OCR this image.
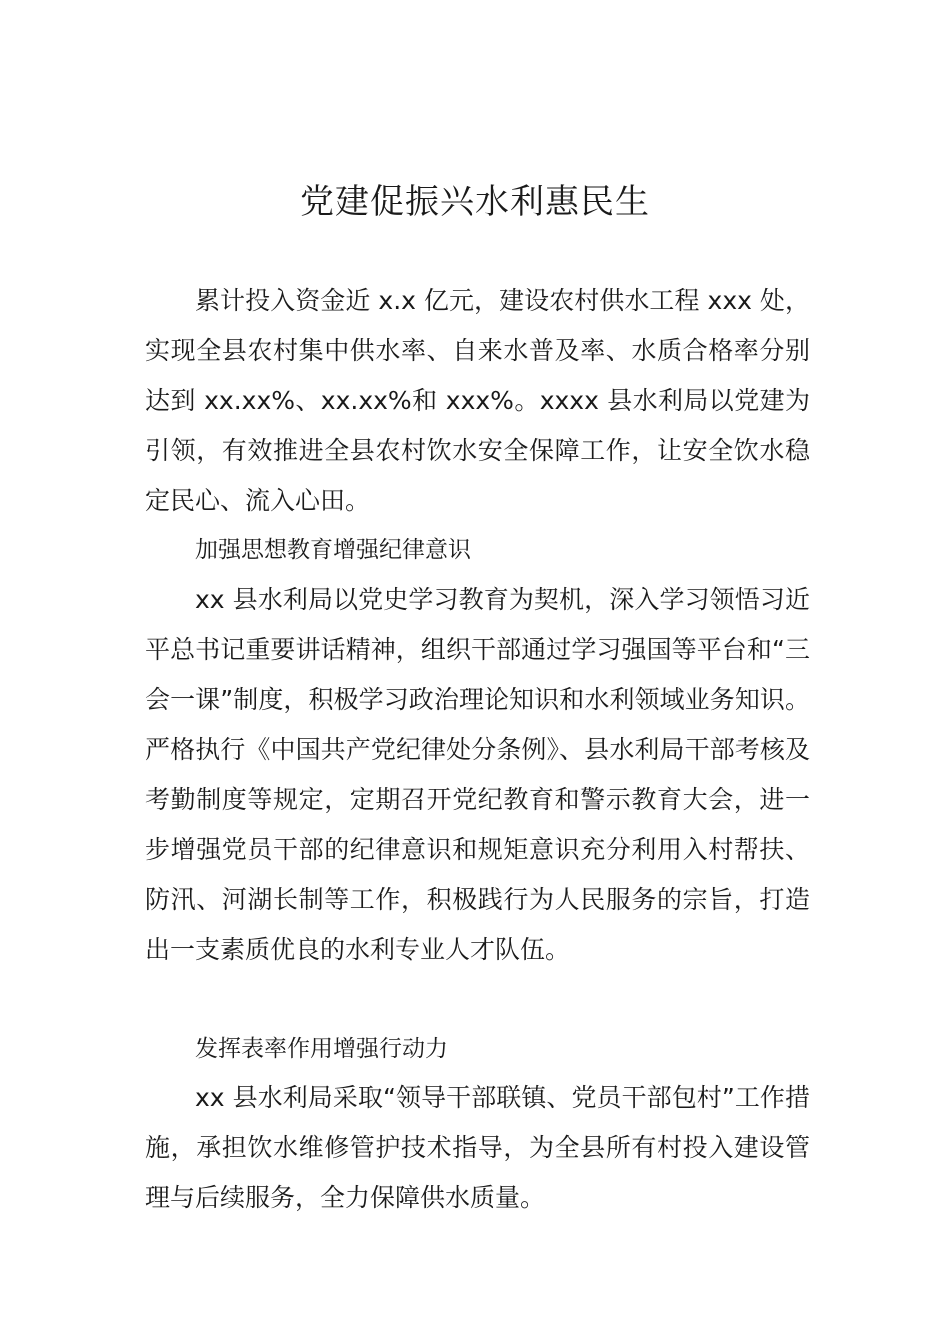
党建促振兴水利惠民生
累计投入资金近 x.x 亿元，建设农村供水工程 xxx 处，实现全县农村集中供水率、自来水普及率、水质合格率分别达到 xx.xx%、xx.xx%和 xxx%。xxxx 县水利局以党建为引领，有效推进全县农村饮水安全保障工作，让安全饮水稳定民心、流入心田。
加强思想教育增强纪律意识
xx 县水利局以党史学习教育为契机，深入学习领悟习近平总书记重要讲话精神，组织干部通过学习强国等平台和“三会一课”制度，积极学习政治理论知识和水利领域业务知识。严格执行《中国共产党纪律处分条例》、县水利局干部考核及考勤制度等规定，定期召开党纪教育和警示教育大会，进一步增强党员干部的纪律意识和规矩意识充分利用入村帮扶、防汛、河湖长制等工作，积极践行为人民服务的宗旨，打造出一支素质优良的水利专业人才队伍。
发挥表率作用增强行动力
xx 县水利局采取“领导干部联镇、党员干部包村”工作措施，承担饮水维修管护技术指导，为全县所有村投入建设管理与后续服务，全力保障供水质量。
